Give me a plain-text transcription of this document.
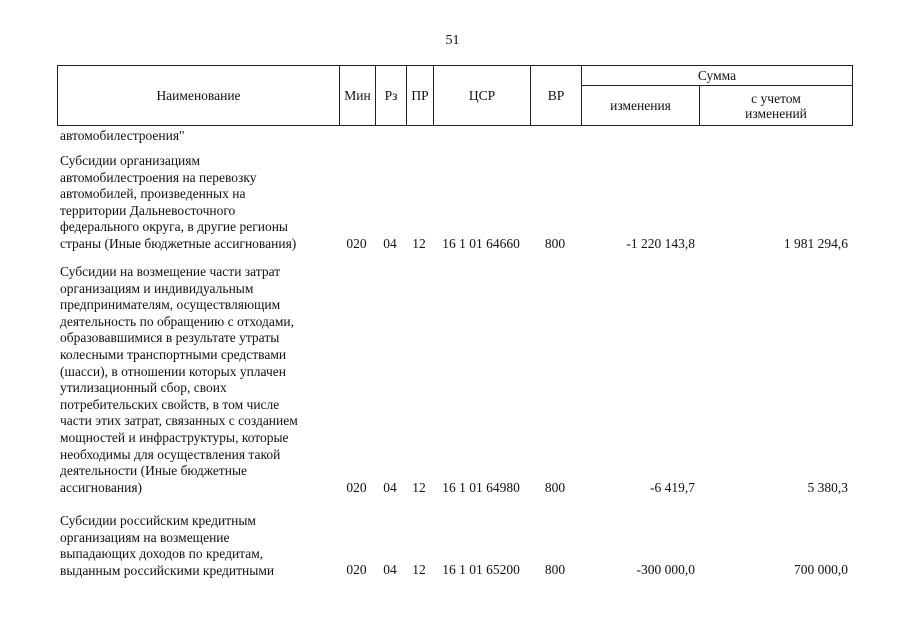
51
Наименование	Мин	Рз	ПР	ЦСР	ВР	Сумма	
						изменения	с учетом
изменений
автомобилестроения"
Субсидии организациям
автомобилестроения на перевозку
автомобилей, произведенных на
территории Дальневосточного
федерального округа, в другие регионы
страны (Иные бюджетные ассигнования)	020	04	12	16 1 01 64660	800	-1 220 143,8	1 981 294,6
Субсидии на возмещение части затрат
организациям и индивидуальным
предпринимателям, осуществляющим
деятельность по обращению с отходами,
образовавшимися в результате утраты
колесными транспортными средствами
(шасси), в отношении которых уплачен
утилизационный сбор, своих
потребительских свойств, в том числе
части этих затрат, связанных с созданием
мощностей и инфраструктуры, которые
необходимы для осуществления такой
деятельности (Иные бюджетные
ассигнования)	020	04	12	16 1 01 64980	800	-6 419,7	5 380,3
Субсидии российским кредитным
организациям на возмещение
выпадающих доходов по кредитам,
выданным российскими кредитными	020	04	12	16 1 01 65200	800	-300 000,0	700 000,0
